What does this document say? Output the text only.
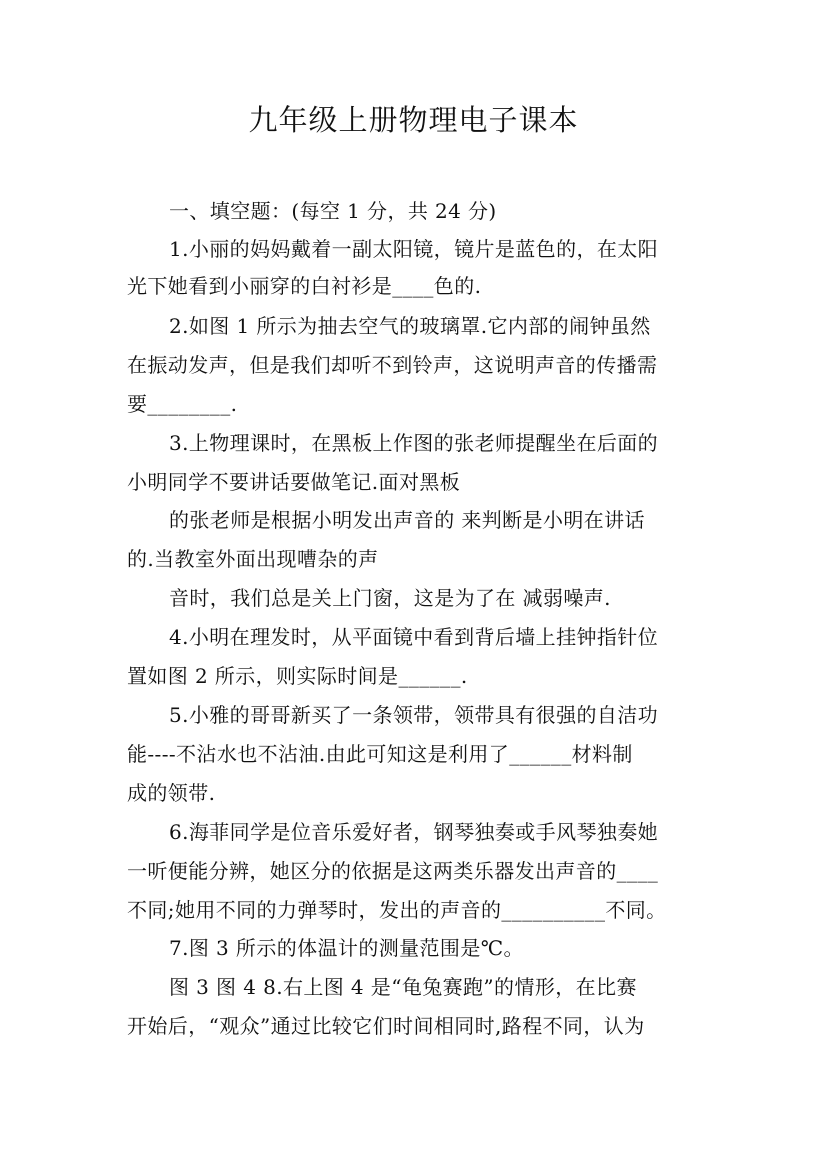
九年级上册物理电子课本
一、填空题：(每空 1 分，共 24 分)
1.小丽的妈妈戴着一副太阳镜，镜片是蓝色的，在太阳
光下她看到小丽穿的白衬衫是____色的.
2.如图 1 所示为抽去空气的玻璃罩.它内部的闹钟虽然
在振动发声，但是我们却听不到铃声，这说明声音的传播需
要________.
3.上物理课时，在黑板上作图的张老师提醒坐在后面的
小明同学不要讲话要做笔记.面对黑板
的张老师是根据小明发出声音的 来判断是小明在讲话
的.当教室外面出现嘈杂的声
音时，我们总是关上门窗，这是为了在 减弱噪声.
4.小明在理发时，从平面镜中看到背后墙上挂钟指针位
置如图 2 所示，则实际时间是______.
5.小雅的哥哥新买了一条领带，领带具有很强的自洁功
能----不沾水也不沾油.由此可知这是利用了______材料制
成的领带.
6.海菲同学是位音乐爱好者，钢琴独奏或手风琴独奏她
一听便能分辨，她区分的依据是这两类乐器发出声音的____
不同;她用不同的力弹琴时，发出的声音的__________不同。
7.图 3 所示的体温计的测量范围是℃。
图 3 图 4 8.右上图 4 是“龟兔赛跑”的情形，在比赛
开始后，“观众”通过比较它们时间相同时,路程不同，认为
